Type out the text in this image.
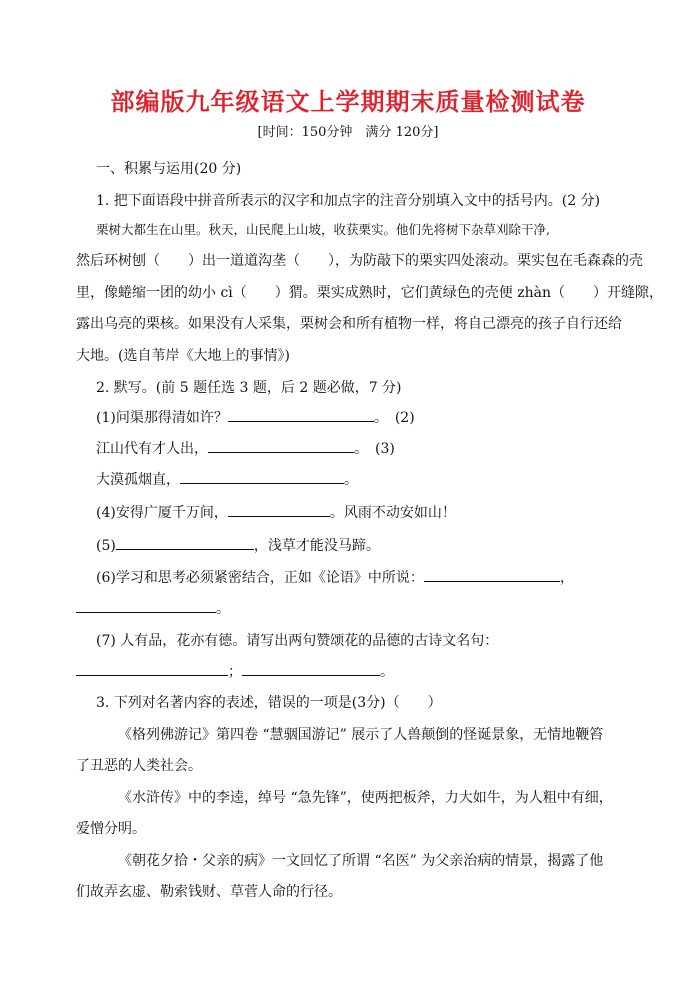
部编版九年级语文上学期期末质量检测试卷
[时间：150分钟　满分 120分]
一、积累与运用(20 分)
1. 把下面语段中拼音所表示的汉字和加点字的注音分别填入文中的括号内。(2 分)
栗树大都生在山里。秋天，山民爬上山坡，收获栗实。他们先将树下杂草刈除干净,
然后环树刨（　　）出一道道沟垄（　　），为防敲下的栗实四处滚动。栗实包在毛森森的壳
里，像蜷缩一团的幼小 cì（　　）猬。栗实成熟时，它们黄绿色的壳便 zhàn（　　）开缝隙，
露出乌亮的栗核。如果没有人采集，栗树会和所有植物一样，将自己漂亮的孩子自行还给
大地。(选自苇岸《大地上的事情》)
2. 默写。(前 5 题任选 3 题，后 2 题必做，7 分)
(1)问渠那得清如许？	。　(2)
江山代有才人出，	。　(3)
大漠孤烟直，	。
(4)安得广厦千万间，	。风雨不动安如山！
(5)	，浅草才能没马蹄。
(6)学习和思考必须紧密结合，正如《论语》中所说：	，
。
(7) 人有品，花亦有德。请写出两句赞颂花的品德的古诗文名句：
；	。
3. 下列对名著内容的表述，错误的一项是(3分)（　　）
《格列佛游记》第四卷 “慧骃国游记” 展示了人兽颠倒的怪诞景象，无情地鞭笞
了丑恶的人类社会。
《水浒传》中的李逵，绰号 “急先锋”，使两把板斧，力大如牛，为人粗中有细，
爱憎分明。
《朝花夕拾・父亲的病》一文回忆了所谓 “名医” 为父亲治病的情景，揭露了他
们故弄玄虚、勒索钱财、草菅人命的行径。
